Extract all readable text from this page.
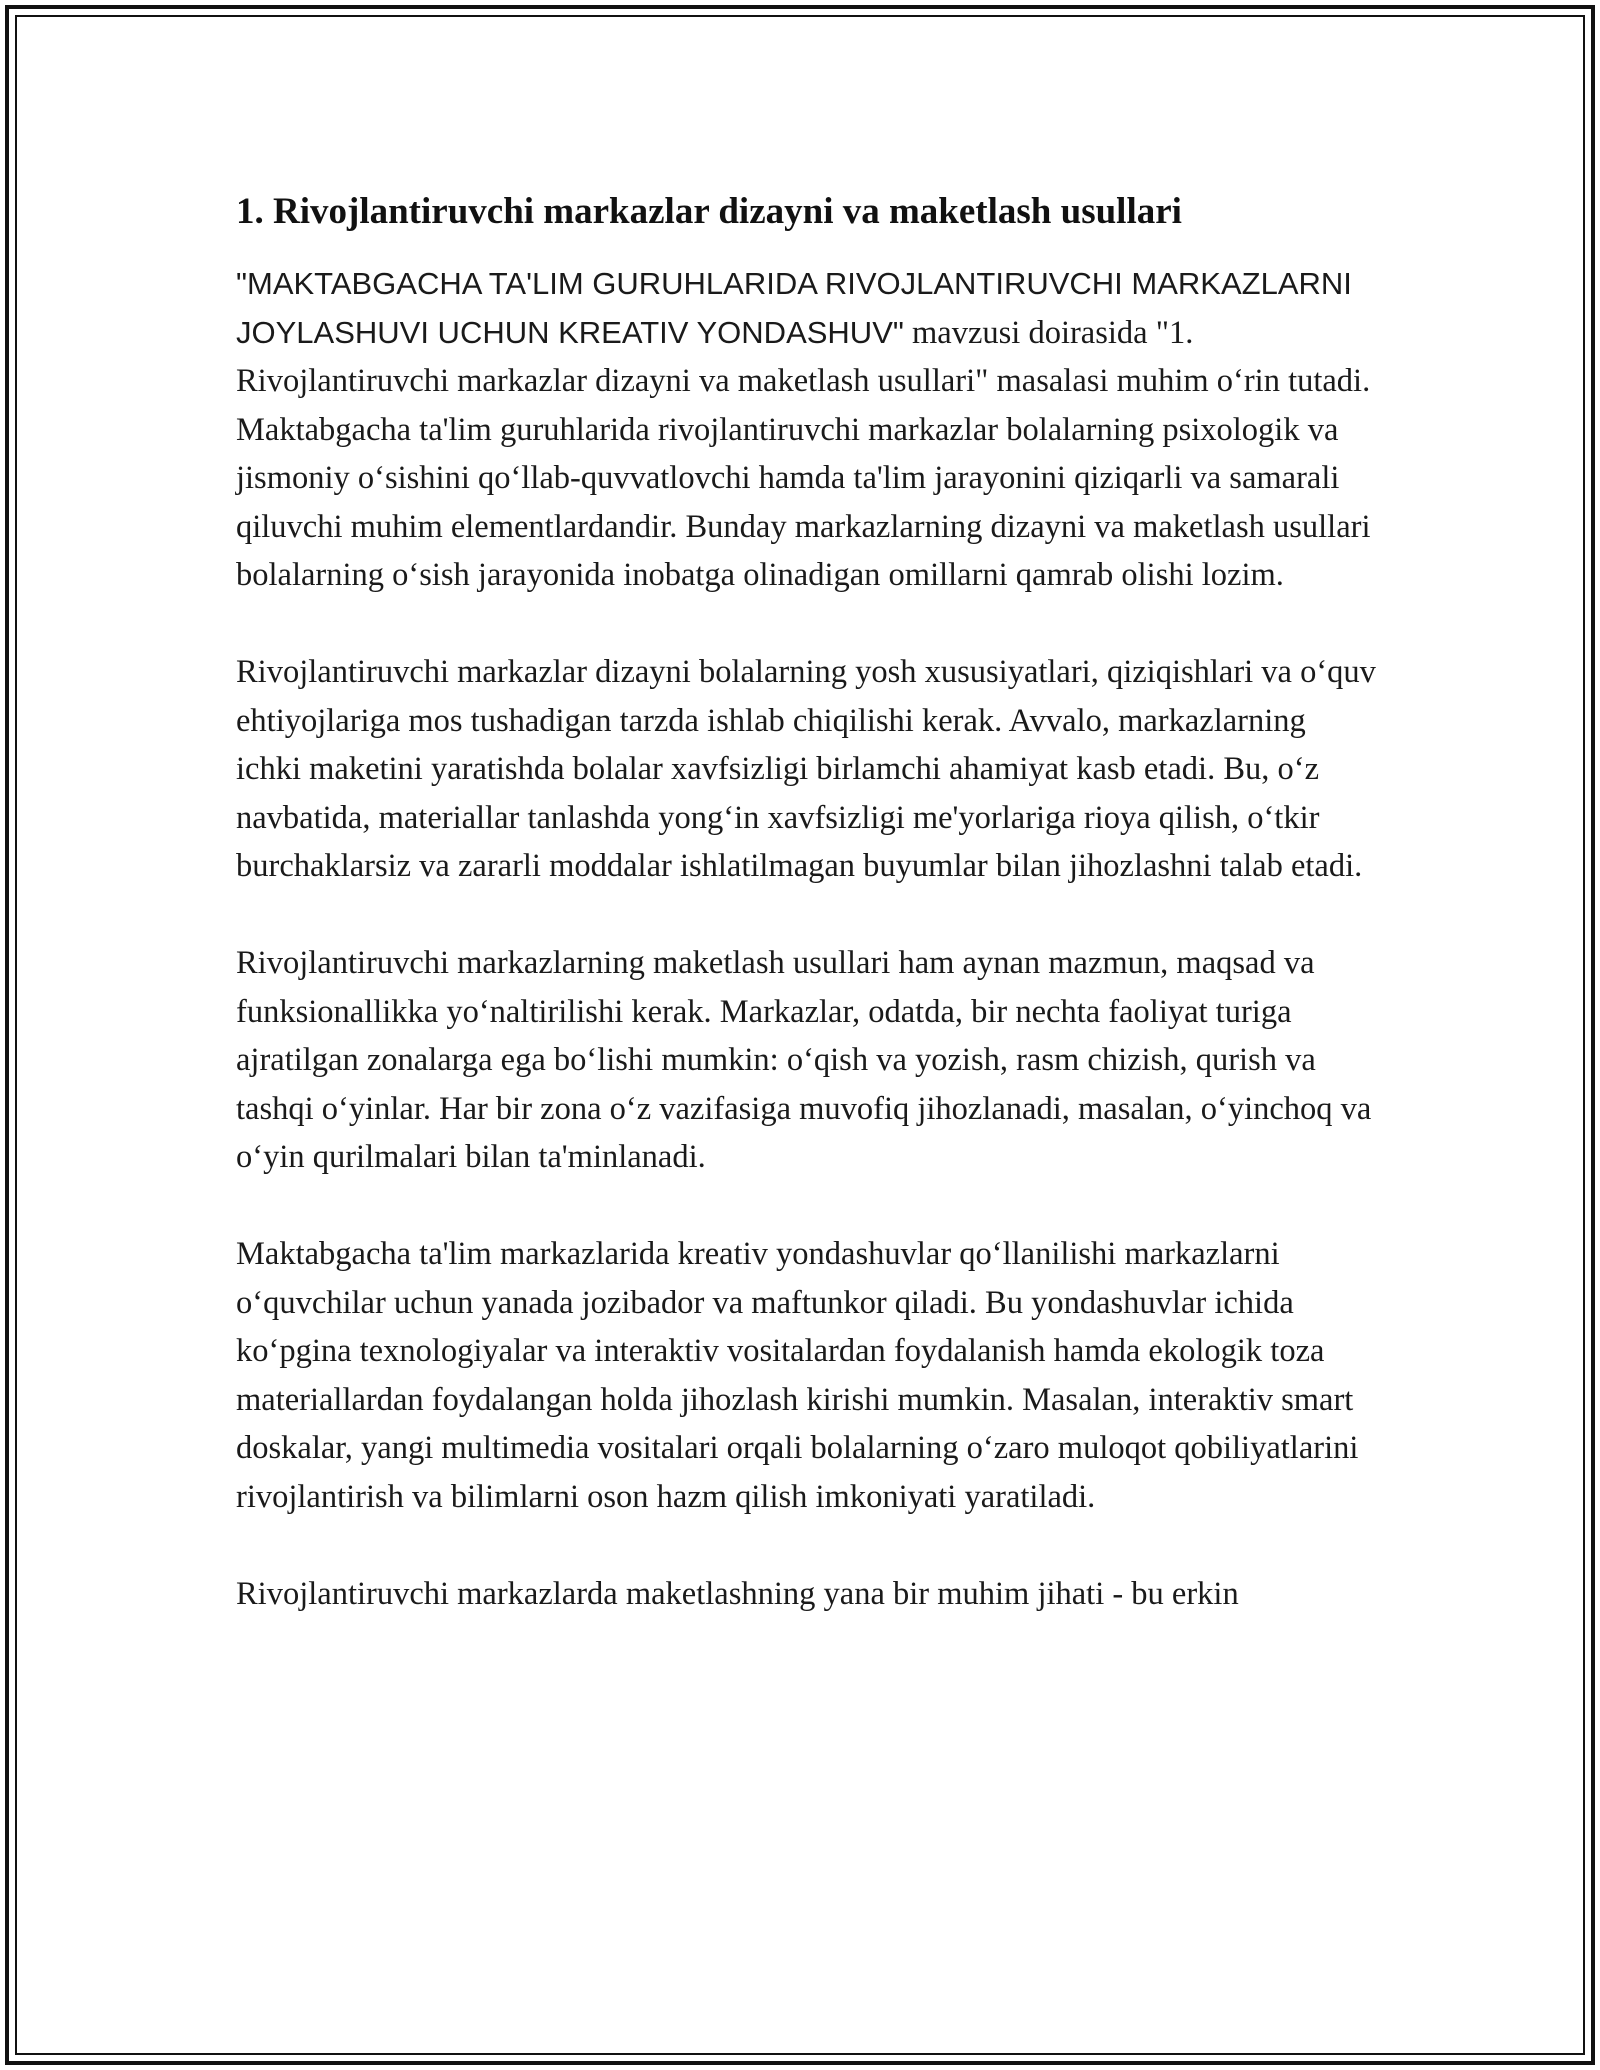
1. Rivojlantiruvchi markazlar dizayni va maketlash usullari

"MAKTABGACHA TA'LIM GURUHLARIDA RIVOJLANTIRUVCHI MARKAZLARNI JOYLASHUVI UCHUN KREATIV YONDASHUV" mavzusi doirasida "1. Rivojlantiruvchi markazlar dizayni va maketlash usullari" masalasi muhim oʻrin tutadi. Maktabgacha ta'lim guruhlarida rivojlantiruvchi markazlar bolalarning psixologik va jismoniy oʻsishini qoʻllab-quvvatlovchi hamda ta'lim jarayonini qiziqarli va samarali qiluvchi muhim elementlardandir. Bunday markazlarning dizayni va maketlash usullari bolalarning oʻsish jarayonida inobatga olinadigan omillarni qamrab olishi lozim.

Rivojlantiruvchi markazlar dizayni bolalarning yosh xususiyatlari, qiziqishlari va oʻquv ehtiyojlariga mos tushadigan tarzda ishlab chiqilishi kerak. Avvalo, markazlarning ichki maketini yaratishda bolalar xavfsizligi birlamchi ahamiyat kasb etadi. Bu, oʻz navbatida, materiallar tanlashda yongʻin xavfsizligi me'yorlariga rioya qilish, oʻtkir burchaklarsiz va zararli moddalar ishlatilmagan buyumlar bilan jihozlashni talab etadi.

Rivojlantiruvchi markazlarning maketlash usullari ham aynan mazmun, maqsad va funksionallikka yoʻnaltirilishi kerak. Markazlar, odatda, bir nechta faoliyat turiga ajratilgan zonalarga ega boʻlishi mumkin: oʻqish va yozish, rasm chizish, qurish va tashqi oʻyinlar. Har bir zona oʻz vazifasiga muvofiq jihozlanadi, masalan, oʻyinchoq va oʻyin qurilmalari bilan ta'minlanadi.

Maktabgacha ta'lim markazlarida kreativ yondashuvlar qoʻllanilishi markazlarni oʻquvchilar uchun yanada jozibador va maftunkor qiladi. Bu yondashuvlar ichida koʻpgina texnologiyalar va interaktiv vositalardan foydalanish hamda ekologik toza materiallardan foydalangan holda jihozlash kirishi mumkin. Masalan, interaktiv smart doskalar, yangi multimedia vositalari orqali bolalarning oʻzaro muloqot qobiliyatlarini rivojlantirish va bilimlarni oson hazm qilish imkoniyati yaratiladi.

Rivojlantiruvchi markazlarda maketlashning yana bir muhim jihati - bu erkin
